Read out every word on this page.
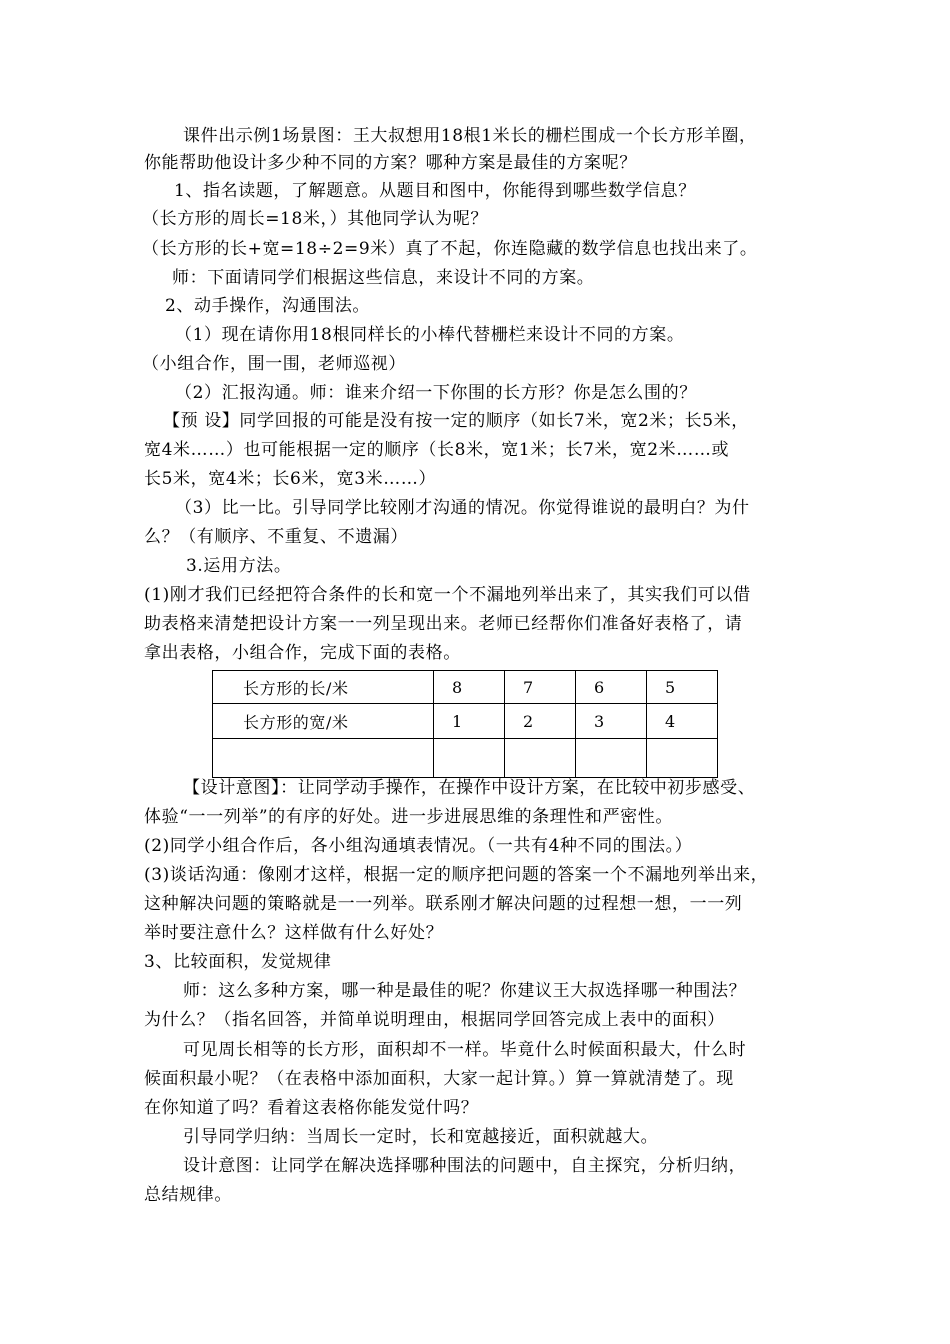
课件出示例1场景图：王大叔想用18根1米长的栅栏围成一个长方形羊圈，
你能帮助他设计多少种不同的方案？哪种方案是最佳的方案呢？
1、指名读题，了解题意。从题目和图中，你能得到哪些数学信息？
（长方形的周长=18米，）其他同学认为呢？
（长方形的长+宽=18÷2=9米）真了不起，你连隐藏的数学信息也找出来了。
师：下面请同学们根据这些信息，来设计不同的方案。
2、动手操作，沟通围法。
（1）现在请你用18根同样长的小棒代替栅栏来设计不同的方案。
（小组合作，围一围，老师巡视）
（2）汇报沟通。师：谁来介绍一下你围的长方形？你是怎么围的？
【预 设】同学回报的可能是没有按一定的顺序（如长7米，宽2米；长5米，
宽4米……）也可能根据一定的顺序（长8米，宽1米；长7米，宽2米……或
长5米，宽4米；长6米，宽3米……）
（3）比一比。引导同学比较刚才沟通的情况。你觉得谁说的最明白？为什
么？（有顺序、不重复、不遗漏）
3.运用方法。
(1)刚才我们已经把符合条件的长和宽一个不漏地列举出来了，其实我们可以借
助表格来清楚把设计方案一一列呈现出来。老师已经帮你们准备好表格了，请
拿出表格，小组合作，完成下面的表格。
长方形的长/米	8	7	6	5
长方形的宽/米	1	2	3	4

【设计意图】：让同学动手操作，在操作中设计方案，在比较中初步感受、
体验“一一列举”的有序的好处。进一步进展思维的条理性和严密性。
(2)同学小组合作后，各小组沟通填表情况。（一共有4种不同的围法。）
(3)谈话沟通：像刚才这样，根据一定的顺序把问题的答案一个不漏地列举出来，
这种解决问题的策略就是一一列举。联系刚才解决问题的过程想一想，一一列
举时要注意什么？这样做有什么好处？
3、比较面积，发觉规律
师：这么多种方案，哪一种是最佳的呢？你建议王大叔选择哪一种围法？
为什么？（指名回答，并简单说明理由，根据同学回答完成上表中的面积）
可见周长相等的长方形，面积却不一样。毕竟什么时候面积最大，什么时
候面积最小呢？（在表格中添加面积，大家一起计算。）算一算就清楚了。现
在你知道了吗？看着这表格你能发觉什吗？
引导同学归纳：当周长一定时，长和宽越接近，面积就越大。
设计意图：让同学在解决选择哪种围法的问题中，自主探究，分析归纳，
总结规律。
